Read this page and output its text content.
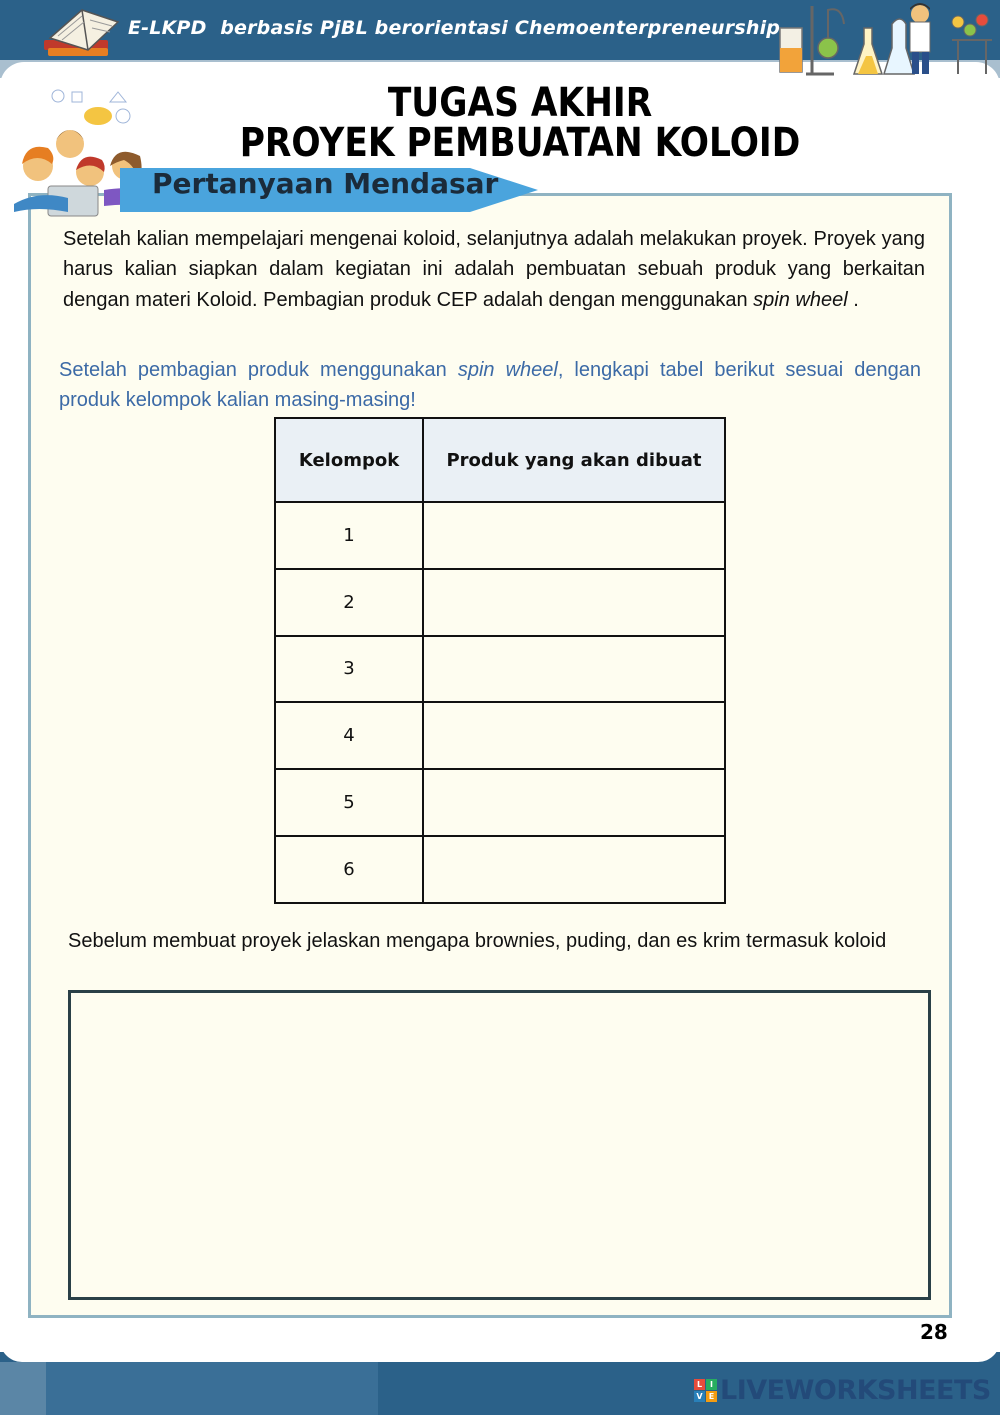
E-LKPD  berbasis PjBL berorientasi Chemoenterpreneurship
TUGAS AKHIR
PROYEK PEMBUATAN KOLOID
Pertanyaan Mendasar

Setelah kalian mempelajari mengenai koloid, selanjutnya adalah melakukan proyek. Proyek yang harus kalian siapkan dalam kegiatan ini adalah pembuatan sebuah produk yang berkaitan dengan materi Koloid. Pembagian produk CEP adalah dengan menggunakan spin wheel .

Setelah pembagian produk menggunakan spin wheel, lengkapi tabel berikut sesuai dengan produk kelompok kalian masing-masing!

Kelompok	Produk yang akan dibuat
1	
2	
3	
4	
5	
6	

Sebelum membuat proyek jelaskan mengapa brownies, puding, dan es krim termasuk koloid

28
L I
V E LIVEWORKSHEETS
